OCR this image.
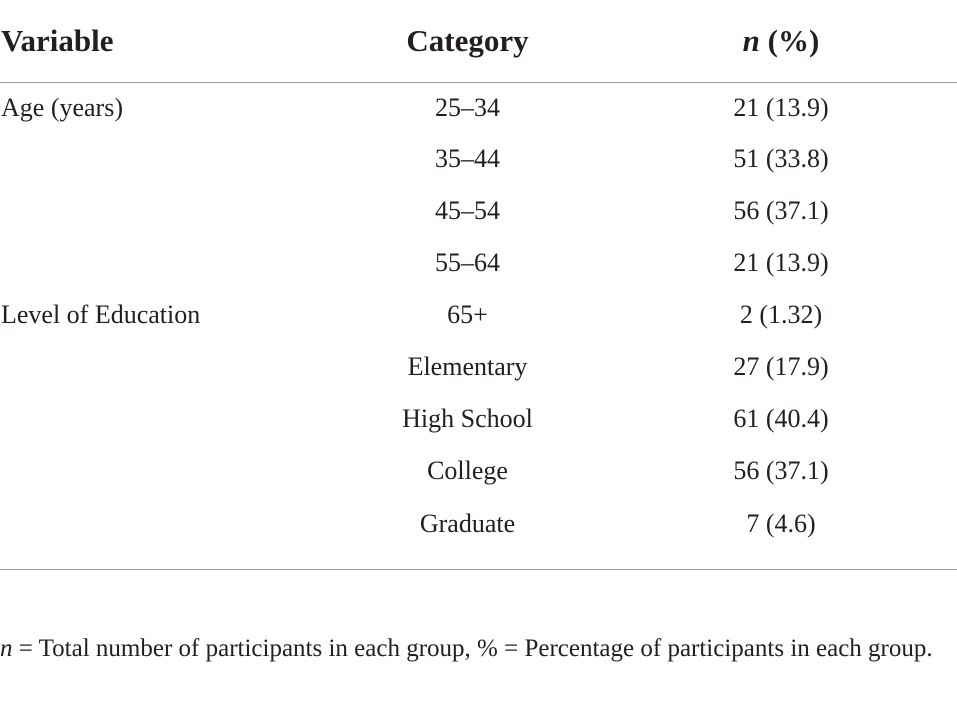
Variable	Category	n (%)
Age (years)	25–34	21 (13.9)
	35–44	51 (33.8)
	45–54	56 (37.1)
	55–64	21 (13.9)
Level of Education	65+	2 (1.32)
	Elementary	27 (17.9)
	High School	61 (40.4)
	College	56 (37.1)
	Graduate	7 (4.6)
n = Total number of participants in each group, % = Percentage of participants in each group.
